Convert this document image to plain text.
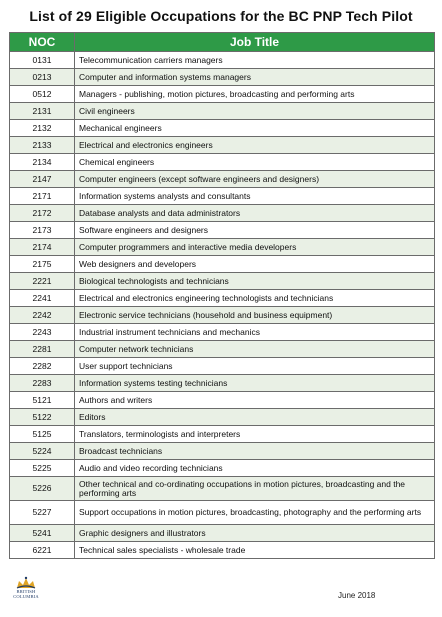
List of 29 Eligible Occupations for the BC PNP Tech Pilot
NOC	Job Title
0131	Telecommunication carriers managers
0213	Computer and information systems managers
0512	Managers - publishing, motion pictures, broadcasting and performing arts
2131	Civil engineers
2132	Mechanical engineers
2133	Electrical and electronics engineers
2134	Chemical engineers
2147	Computer engineers (except software engineers and designers)
2171	Information systems analysts and consultants
2172	Database analysts and data administrators
2173	Software engineers and designers
2174	Computer programmers and interactive media developers
2175	Web designers and developers
2221	Biological technologists and technicians
2241	Electrical and electronics engineering technologists and technicians
2242	Electronic service technicians (household and business equipment)
2243	Industrial instrument technicians and mechanics
2281	Computer network technicians
2282	User support technicians
2283	Information systems testing technicians
5121	Authors and writers
5122	Editors
5125	Translators, terminologists and interpreters
5224	Broadcast technicians
5225	Audio and video recording technicians
5226	Other technical and co-ordinating occupations in motion pictures, broadcasting and the performing arts
5227	Support occupations in motion pictures, broadcasting, photography and the performing arts
5241	Graphic designers and illustrators
6221	Technical sales specialists - wholesale trade
BRITISH
COLUMBIA	June 2018
